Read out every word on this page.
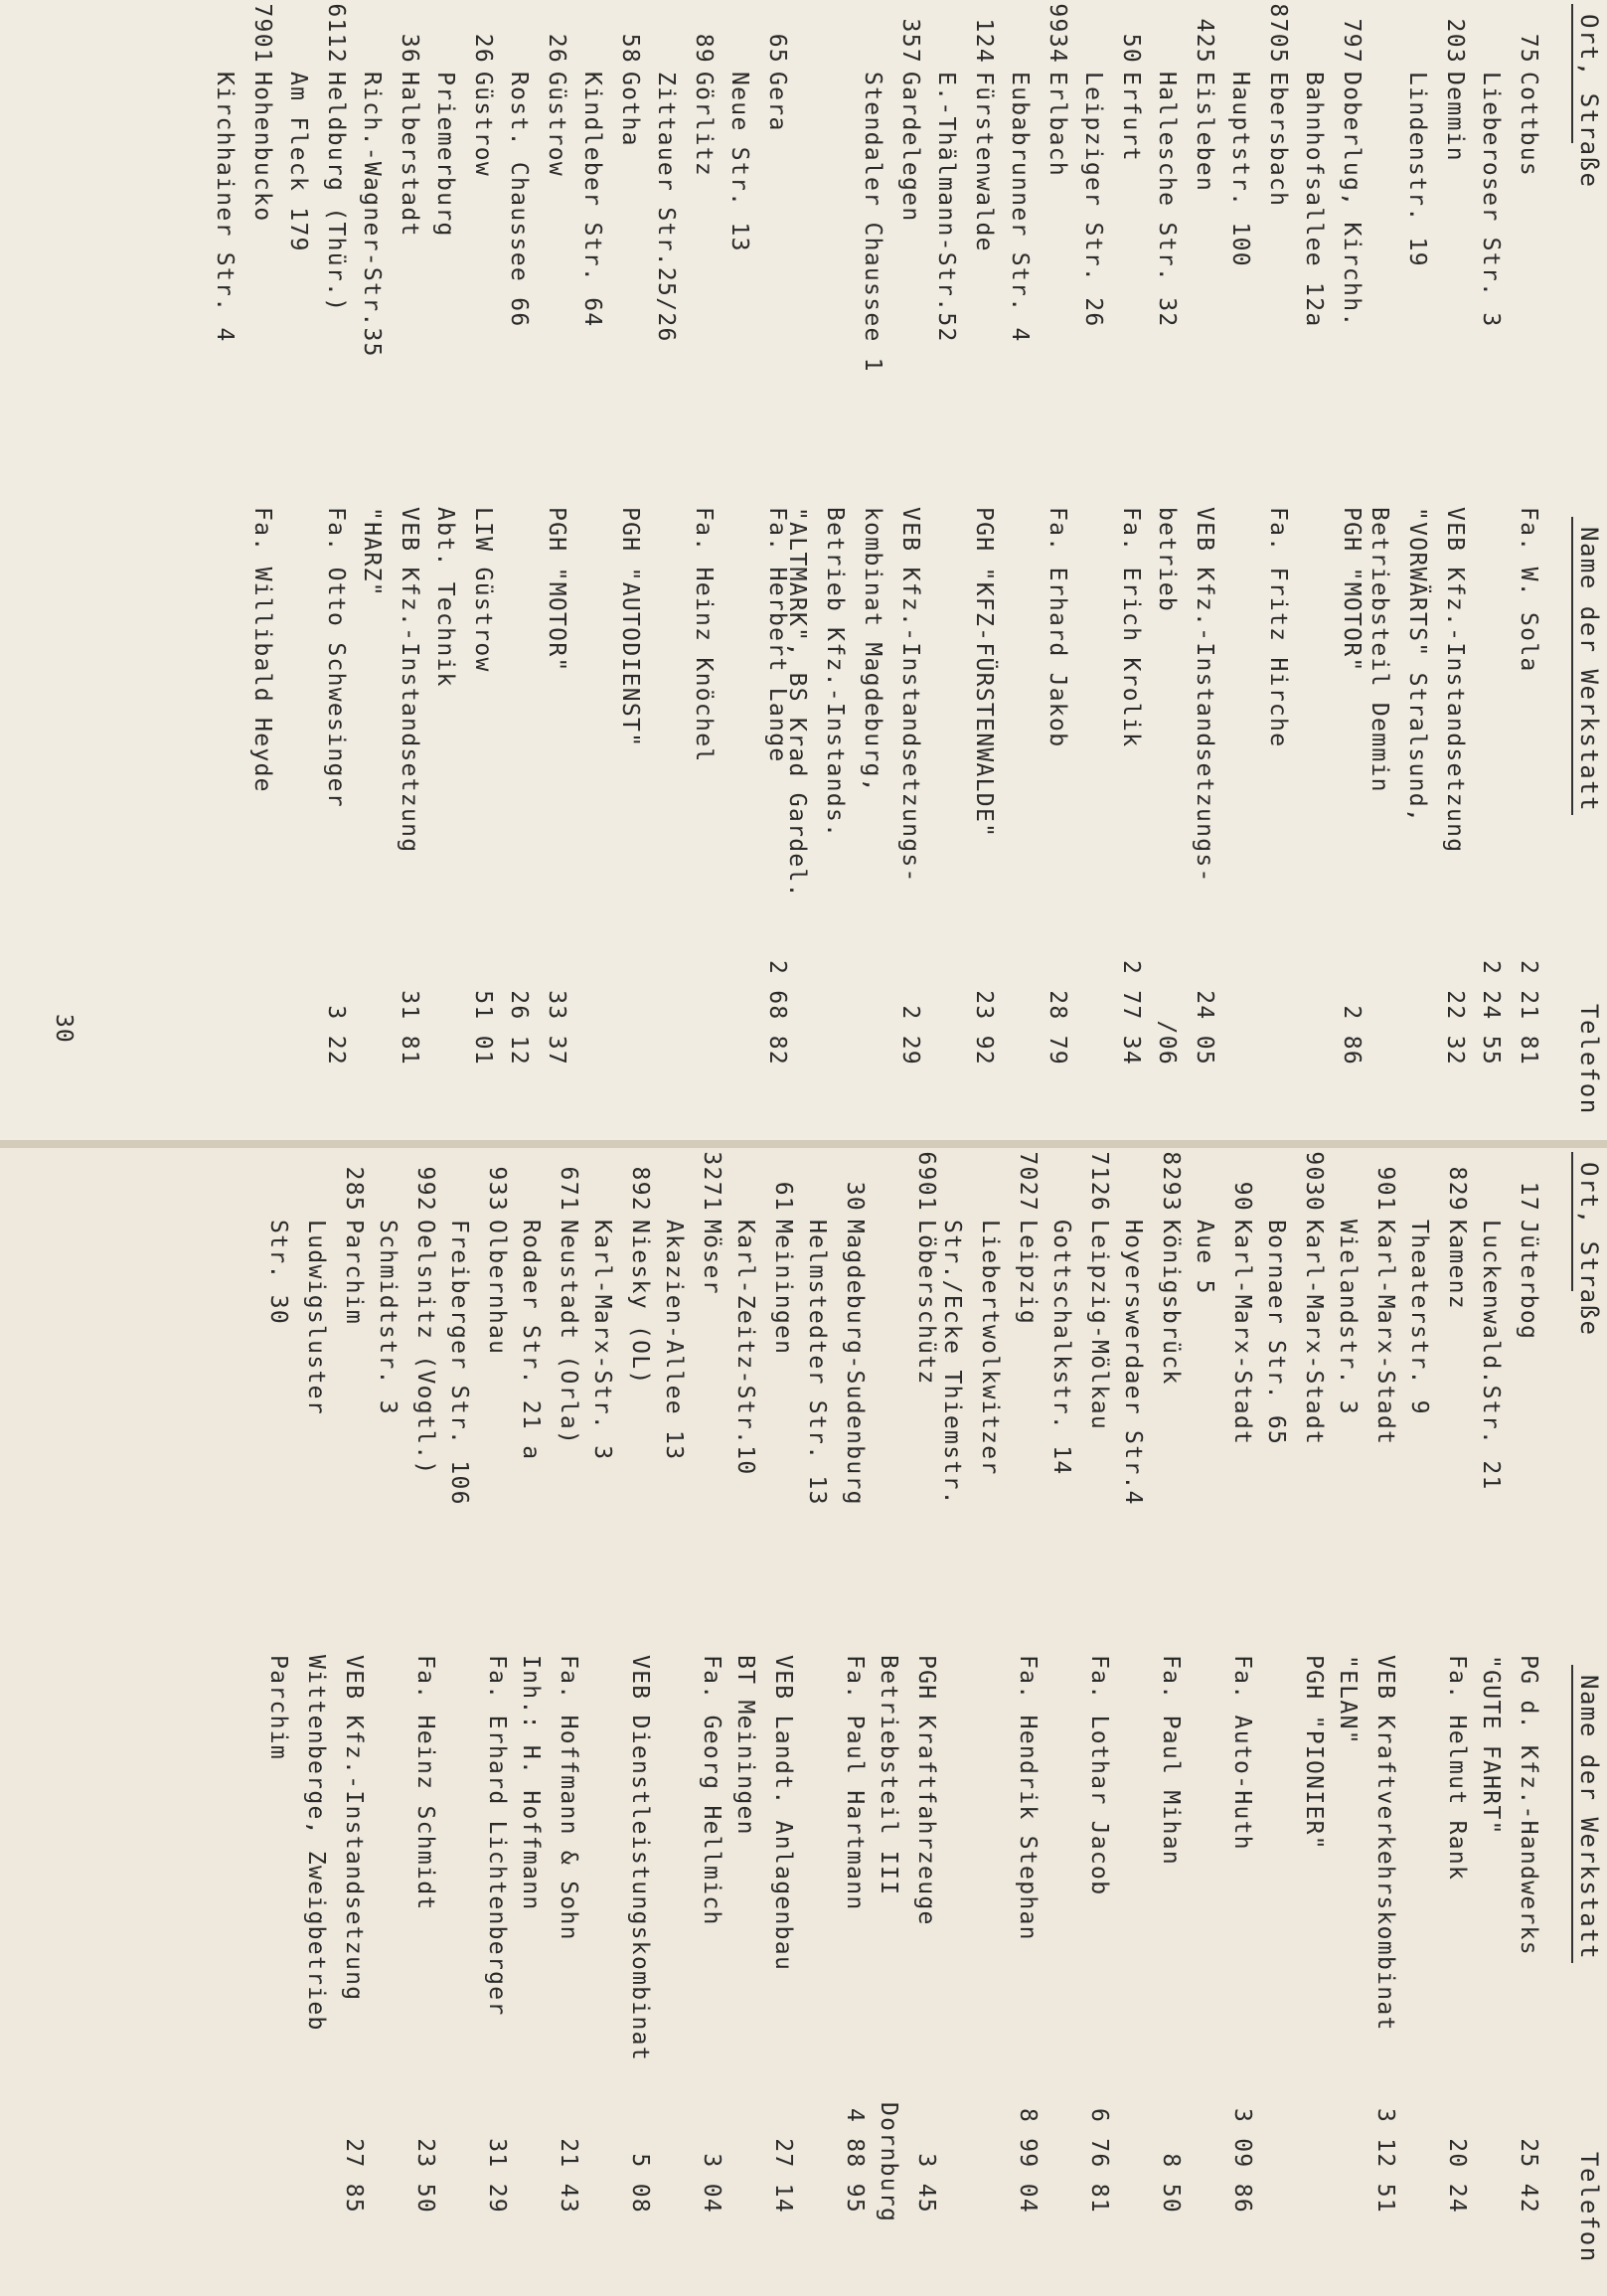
Ort, Straße
Name der Werkstatt
Telefon
75
Cottbus
Lieberoser Str. 3
Fa. W. Sola
2 21 81
2 24 55
203
Demmin
Lindenstr. 19
VEB Kfz.-Instandsetzung
"VORWÄRTS" Stralsund,
Betriebsteil Demmin
22 32
797
Doberlug, Kirchh.
Bahnhofsallee 12a
PGH "MOTOR"
2 86
8705
Ebersbach
Hauptstr. 100
Fa. Fritz Hirche
425
Eisleben
Hallesche Str. 32
VEB Kfz.-Instandsetzungs-
betrieb
24 05
/06
50
Erfurt
Leipziger Str. 26
Fa. Erich Krolik
2 77 34
9934
Erlbach
Eubabrunner Str. 4
Fa. Erhard Jakob
28 79
124
Fürstenwalde
E.-Thälmann-Str.52
PGH "KFZ-FÜRSTENWALDE"
23 92
357
Gardelegen
Stendaler Chaussee 1
VEB Kfz.-Instandsetzungs-
kombinat Magdeburg,
Betrieb Kfz.-Instands.
"ALTMARK", BS Krad Gardel.
2 29
65
Gera
Neue Str. 13
Fa. Herbert Lange
2 68 82
89
Görlitz
Zittauer Str.25/26
Fa. Heinz Knöchel
58
Gotha
Kindleber Str. 64
PGH "AUTODIENST"
26
Güstrow
Rost. Chaussee 66
PGH "MOTOR"
33 37
26 12
26
Güstrow
Priemerburg
LIW Güstrow
Abt. Technik
51 01
36
Halberstadt
Rich.-Wagner-Str.35
VEB Kfz.-Instandsetzung
"HARZ"
31 81
6112
Heldburg (Thür.)
Am Fleck 179
Fa. Otto Schwesinger
3 22
7901
Hohenbucko
Kirchhainer Str. 4
Fa. Willibald Heyde
30
Ort, Straße
Name der Werkstatt
Telefon
17
Jüterbog
Luckenwald.Str. 21
PG d. Kfz.-Handwerks
"GUTE FAHRT"
25 42
829
Kamenz
Theaterstr. 9
Fa. Helmut Rank
20 24
901
Karl-Marx-Stadt
Wielandstr. 3
VEB Kraftverkehrskombinat
"ELAN"
3 12 51
9030
Karl-Marx-Stadt
Bornaer Str. 65
PGH "PIONIER"
90
Karl-Marx-Stadt
Aue 5
Fa. Auto-Huth
3 09 86
8293
Königsbrück
Hoyerswerdaer Str.4
Fa. Paul Mihan
8 50
7126
Leipzig-Mölkau
Gottschalkstr. 14
Fa. Lothar Jacob
6 76 81
7027
Leipzig
Liebertwolkwitzer
Str./Ecke Thiemstr.
Fa. Hendrik Stephan
8 99 04
6901
Löberschütz
PGH Kraftfahrzeuge
Betriebsteil III
3 45
Dornburg
30
Magdeburg-Sudenburg
Helmstedter Str. 13
Fa. Paul Hartmann
4 88 95
61
Meiningen
Karl-Zeitz-Str.10
VEB Landt. Anlagenbau
BT Meiningen
27 14
3271
Möser
Akazien-Allee 13
Fa. Georg Hellmich
3 04
892
Niesky (OL)
Karl-Marx-Str. 3
VEB Dienstleistungskombinat
5 08
671
Neustadt (Orla)
Rodaer Str. 21 a
Fa. Hoffmann & Sohn
Inh.: H. Hoffmann
21 43
933
Olbernhau
Freiberger Str. 106
Fa. Erhard Lichtenberger
31 29
992
Oelsnitz (Vogtl.)
Schmidtstr. 3
Fa. Heinz Schmidt
23 50
285
Parchim
Ludwigsluster
Str. 30
VEB Kfz.-Instandsetzung
Wittenberge, Zweigbetrieb
Parchim
27 85
